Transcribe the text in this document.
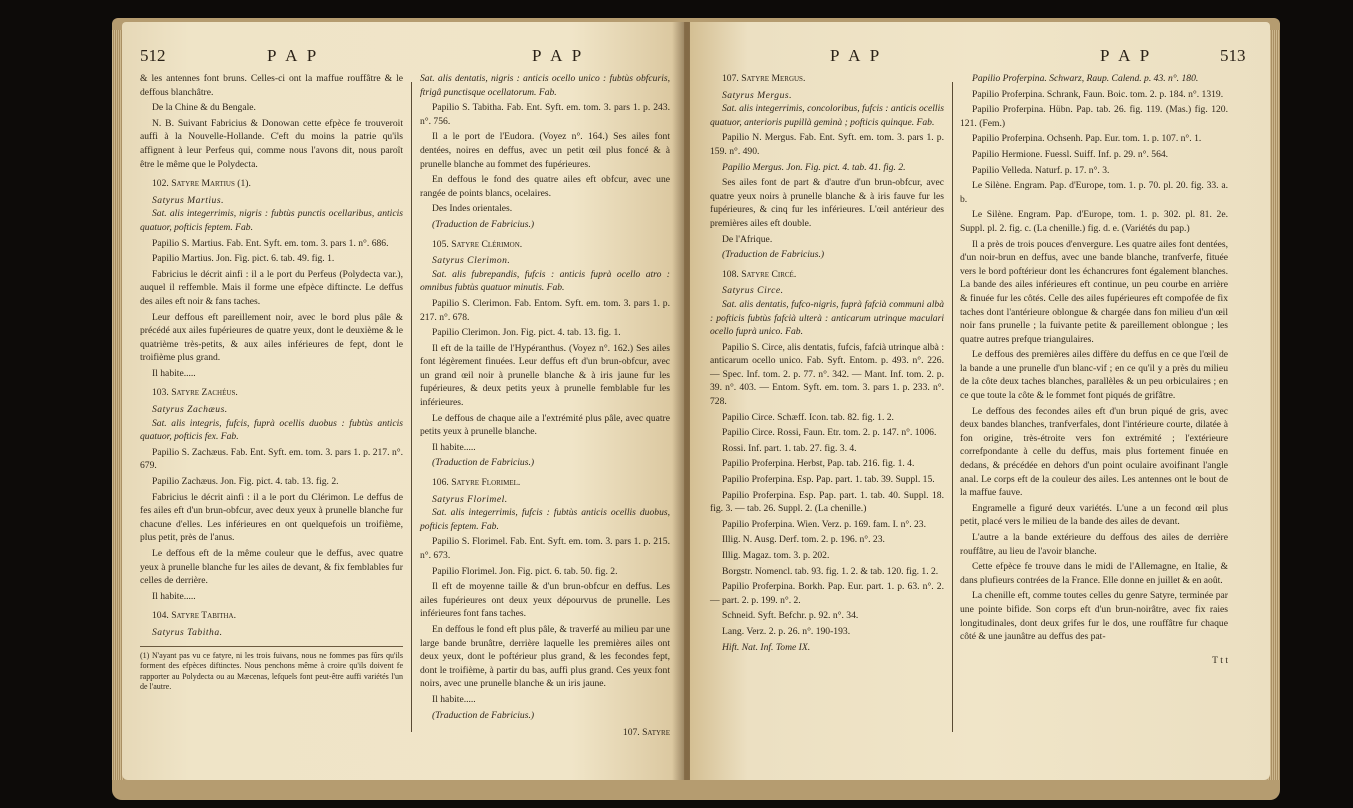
512	P A P	P A P

& les antennes font bruns. Celles-ci ont la maffue rouffâtre & le deffous blanchâtre.

De la Chine & du Bengale.

N. B. Suivant Fabricius & Donowan cette efpèce fe trouveroit auffi à la Nouvelle-Hollande. C'eft du moins la patrie qu'ils affignent à leur Perfeus qui, comme nous l'avons dit, nous paroît être le même que le Polydecta.

102. Satyre Martius (1).
Satyrus Martius.

Sat. alis integerrimis, nigris : fubtùs punctis ocellaribus, anticis quatuor, pofticis feptem. Fab.

Papilio S. Martius. Fab. Ent. Syft. em. tom. 3. pars 1. n°. 686.

Papilio Martius. Jon. Fig. pict. 6. tab. 49. fig. 1.

Fabricius le décrit ainfi : il a le port du Perfeus (Polydecta var.), auquel il reffemble. Mais il forme une efpèce diftincte. Le deffus des ailes eft noir & fans taches.

Leur deffous eft pareillement noir, avec le bord plus pâle & précédé aux ailes fupérieures de quatre yeux, dont le deuxième & le quatrième très-petits, & aux ailes inférieures de fept, dont le troifième plus grand.

Il habite.....

103. Satyre Zachéus.
Satyrus Zachæus.

Sat. alis integris, fufcis, fuprà ocellis duobus : fubtùs anticis quatuor, pofticis fex. Fab.

Papilio S. Zachæus. Fab. Ent. Syft. em. tom. 3. pars 1. p. 217. n°. 679.

Papilio Zachæus. Jon. Fig. pict. 4. tab. 13. fig. 2.

Fabricius le décrit ainfi : il a le port du Clérimon. Le deffus de fes ailes eft d'un brun-obfcur, avec deux yeux à prunelle blanche fur chacune d'elles. Les inférieures en ont quelquefois un troifième, plus petit, près de l'anus.

Le deffous eft de la même couleur que le deffus, avec quatre yeux à prunelle blanche fur les ailes de devant, & fix femblables fur celles de derrière.

Il habite.....

104. Satyre Tabitha.
Satyrus Tabitha.
(1) N'ayant pas vu ce fatyre, ni les trois fuivans, nous ne fommes pas fûrs qu'ils forment des efpèces diftinctes. Nous penchons même à croire qu'ils doivent fe rapporter au Polydecta ou au Mæcenas, lefquels font peut-être auffi variétés l'un de l'autre.

Sat. alis dentatis, nigris : anticis ocello unico : fubtùs obfcuris, ftrigâ punctisque ocellatorum. Fab.

Papilio S. Tabitha. Fab. Ent. Syft. em. tom. 3. pars 1. p. 243. n°. 756.

Il a le port de l'Eudora. (Voyez n°. 164.) Ses ailes font dentées, noires en deffus, avec un petit œil plus foncé & à prunelle blanche au fommet des fupérieures.

En deffous le fond des quatre ailes eft obfcur, avec une rangée de points blancs, ocelaires.

Des Indes orientales.

(Traduction de Fabricius.)

105. Satyre Clérimon.
Satyrus Clerimon.

Sat. alis fubrepandis, fufcis : anticis fuprà ocello atro : omnibus fubtùs quatuor minutis. Fab.

Papilio S. Clerimon. Fab. Entom. Syft. em. tom. 3. pars 1. p. 217. n°. 678.

Papilio Clerimon. Jon. Fig. pict. 4. tab. 13. fig. 1.

Il eft de la taille de l'Hypéranthus. (Voyez n°. 162.) Ses ailes font légèrement finuées. Leur deffus eft d'un brun-obfcur, avec un grand œil noir à prunelle blanche & à iris jaune fur les fupérieures, & deux petits yeux à prunelle femblable fur les inférieures.

Le deffous de chaque aile a l'extrémité plus pâle, avec quatre petits yeux à prunelle blanche.

Il habite.....

(Traduction de Fabricius.)

106. Satyre Florimel.
Satyrus Florimel.

Sat. alis integerrimis, fufcis : fubtùs anticis ocellis duobus, pofticis feptem. Fab.

Papilio S. Florimel. Fab. Ent. Syft. em. tom. 3. pars 1. p. 215. n°. 673.

Papilio Florimel. Jon. Fig. pict. 6. tab. 50. fig. 2.

Il eft de moyenne taille & d'un brun-obfcur en deffus. Les ailes fupérieures ont deux yeux dépourvus de prunelle. Les inférieures font fans taches.

En deffous le fond eft plus pâle, & traverfé au milieu par une large bande brunâtre, derrière laquelle les premières ailes ont deux yeux, dont le poftérieur plus grand, & les fecondes fept, dont le troifième, à partir du bas, auffi plus grand. Ces yeux font noirs, avec une prunelle blanche & un iris jaune.

Il habite.....

(Traduction de Fabricius.)

107. Satyre
P A P	P A P	513
107. Satyre Mergus.
Satyrus Mergus.

Sat. alis integerrimis, concoloribus, fufcis : anticis ocellis quatuor, anterioris pupillà geminà ; pofticis quinque. Fab.

Papilio N. Mergus. Fab. Ent. Syft. em. tom. 3. pars 1. p. 159. n°. 490.

Papilio Mergus. Jon. Fig. pict. 4. tab. 41. fig. 2.

Ses ailes font de part & d'autre d'un brun-obfcur, avec quatre yeux noirs à prunelle blanche & à iris fauve fur les fupérieures, & cinq fur les inférieures. L'œil antérieur des premières ailes eft double.

De l'Afrique.

(Traduction de Fabricius.)

108. Satyre Circé.
Satyrus Circe.

Sat. alis dentatis, fufco-nigris, fuprà fafcià communi albà : pofticis fubtùs fafcià ulterà : anticarum utrinque maculari ocello fuprà unico. Fab.

Papilio S. Circe, alis dentatis, fufcis, fafcià utrinque albà : anticarum ocello unico. Fab. Syft. Entom. p. 493. n°. 226. — Spec. Inf. tom. 2. p. 77. n°. 342. — Mant. Inf. tom. 2. p. 39. n°. 403. — Entom. Syft. em. tom. 3. pars 1. p. 233. n°. 728.

Papilio Circe. Schæff. Icon. tab. 82. fig. 1. 2.

Papilio Circe. Rossi, Faun. Etr. tom. 2. p. 147. n°. 1006.

Rossi. Inf. part. 1. tab. 27. fig. 3. 4.

Papilio Proferpina. Herbst, Pap. tab. 216. fig. 1. 4.

Papilio Proferpina. Esp. Pap. part. 1. tab. 39. Suppl. 15.

Papilio Proferpina. Esp. Pap. part. 1. tab. 40. Suppl. 18. fig. 3. — tab. 26. Suppl. 2. (La chenille.)

Papilio Proferpina. Wien. Verz. p. 169. fam. I. n°. 23.

Illig. N. Ausg. Derf. tom. 2. p. 196. n°. 23.

Illig. Magaz. tom. 3. p. 202.

Borgstr. Nomencl. tab. 93. fig. 1. 2. & tab. 120. fig. 1. 2.

Papilio Proferpina. Borkh. Pap. Eur. part. 1. p. 63. n°. 2. — part. 2. p. 199. n°. 2.

Schneid. Syft. Befchr. p. 92. n°. 34.

Lang. Verz. 2. p. 26. n°. 190-193.

Hift. Nat. Inf. Tome IX.

Papilio Proferpina. Schwarz, Raup. Calend. p. 43. n°. 180.

Papilio Proferpina. Schrank, Faun. Boic. tom. 2. p. 184. n°. 1319.

Papilio Proferpina. Hübn. Pap. tab. 26. fig. 119. (Mas.) fig. 120. 121. (Fem.)

Papilio Proferpina. Ochsenh. Pap. Eur. tom. 1. p. 107. n°. 1.

Papilio Hermione. Fuessl. Suiff. Inf. p. 29. n°. 564.

Papilio Velleda. Naturf. p. 17. n°. 3.

Le Silène. Engram. Pap. d'Europe, tom. 1. p. 70. pl. 20. fig. 33. a. b.

Le Silène. Engram. Pap. d'Europe, tom. 1. p. 302. pl. 81. 2e. Suppl. pl. 2. fig. c. (La chenille.) fig. d. e. (Variétés du pap.)

Il a près de trois pouces d'envergure. Les quatre ailes font dentées, d'un noir-brun en deffus, avec une bande blanche, tranfverfe, fituée vers le bord poftérieur dont les échancrures font également blanches. La bande des ailes inférieures eft continue, un peu courbe en arrière & finuée fur les côtés. Celle des ailes fupérieures eft compofée de fix taches dont l'antérieure oblongue & chargée dans fon milieu d'un œil noir fans prunelle ; la fuivante petite & pareillement oblongue ; les quatre autres prefque triangulaires.

Le deffous des premières ailes diffère du deffus en ce que l'œil de la bande a une prunelle d'un blanc-vif ; en ce qu'il y a près du milieu de la côte deux taches blanches, parallèles & un peu orbiculaires ; en ce que toute la côte & le fommet font piqués de grifâtre.

Le deffous des fecondes ailes eft d'un brun piqué de gris, avec deux bandes blanches, tranfverfales, dont l'intérieure courte, dilatée à fon origine, très-étroite vers fon extrémité ; l'extérieure correfpondante à celle du deffus, mais plus fortement finuée en dedans, & précédée en dehors d'un point oculaire avoifinant l'angle anal. Le corps eft de la couleur des ailes. Les antennes ont le bout de la maffue fauve.

Engramelle a figuré deux variétés. L'une a un fecond œil plus petit, placé vers le milieu de la bande des ailes de devant.

L'autre a la bande extérieure du deffous des ailes de derrière rouffâtre, au lieu de l'avoir blanche.

Cette efpèce fe trouve dans le midi de l'Allemagne, en Italie, & dans plufieurs contrées de la France. Elle donne en juillet & en août.

La chenille eft, comme toutes celles du genre Satyre, terminée par une pointe bifide. Son corps eft d'un brun-noirâtre, avec fix raies longitudinales, dont deux grifes fur le dos, une rouffâtre fur chaque côté & une jaunâtre au deffus des pat-

T t t
